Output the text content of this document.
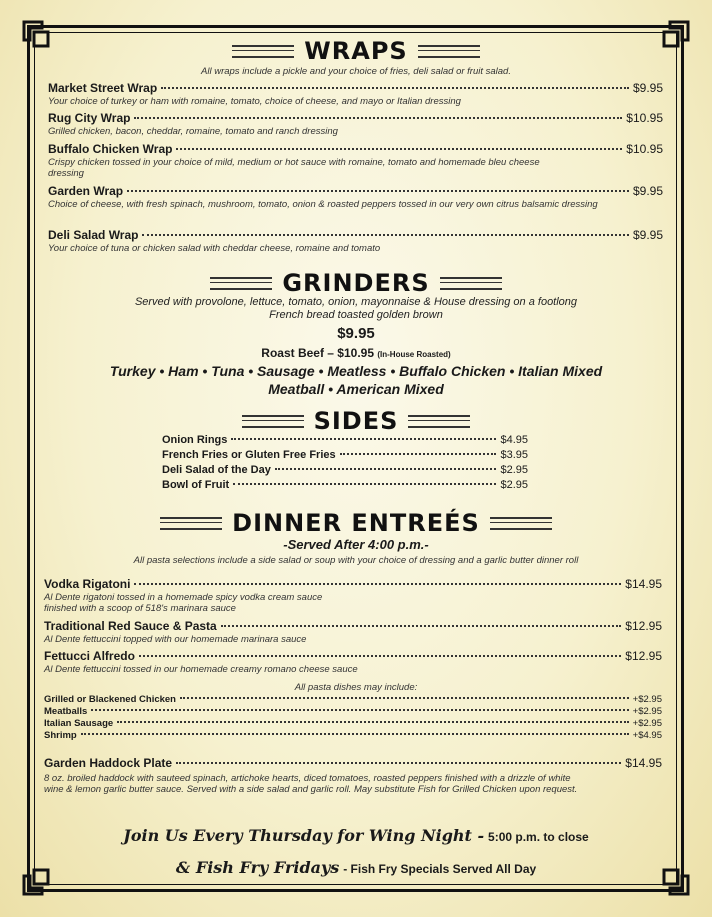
WRAPS
All wraps include a pickle and your choice of fries, deli salad or fruit salad.
Market Street Wrap	$9.95
Your choice of turkey or ham with romaine, tomato, choice of cheese, and mayo or Italian dressing
Rug City Wrap	$10.95
Grilled chicken, bacon, cheddar, romaine, tomato and ranch dressing
Buffalo Chicken Wrap	$10.95
Crispy chicken tossed in your choice of mild, medium or hot sauce with romaine, tomato and homemade bleu cheese dressing
Garden Wrap	$9.95
Choice of cheese, with fresh spinach, mushroom, tomato, onion & roasted peppers tossed in our very own citrus balsamic dressing
Deli Salad Wrap	$9.95
Your choice of tuna or chicken salad with cheddar cheese, romaine and tomato
GRINDERS
Served with provolone, lettuce, tomato, onion, mayonnaise & House dressing on a footlong
French bread toasted golden brown
$9.95
Roast Beef – $10.95 (In-House Roasted)
Turkey • Ham • Tuna • Sausage • Meatless • Buffalo Chicken • Italian Mixed
Meatball • American Mixed
SIDES
Onion Rings	$4.95
French Fries or Gluten Free Fries	$3.95
Deli Salad of the Day	$2.95
Bowl of Fruit	$2.95
DINNER ENTREÉS
-Served After 4:00 p.m.-
All pasta selections include a side salad or soup with your choice of dressing and a garlic butter dinner roll
Vodka Rigatoni	$14.95
Al Dente rigatoni tossed in a homemade spicy vodka cream sauce finished with a scoop of 518's marinara sauce
Traditional Red Sauce & Pasta	$12.95
Al Dente fettuccini topped with our homemade marinara sauce
Fettucci Alfredo	$12.95
Al Dente fettuccini tossed in our homemade creamy romano cheese sauce
All pasta dishes may include:
Grilled or Blackened Chicken	+$2.95
Meatballs	+$2.95
Italian Sausage	+$2.95
Shrimp	+$4.95
Garden Haddock Plate	$14.95
8 oz. broiled haddock with sauteed spinach, artichoke hearts, diced tomatoes, roasted peppers finished with a drizzle of white wine & lemon garlic butter sauce. Served with a side salad and garlic roll. May substitute Fish for Grilled Chicken upon request.
Join Us Every Thursday for Wing Night - 5:00 p.m. to close
& Fish Fry Fridays - Fish Fry Specials Served All Day
